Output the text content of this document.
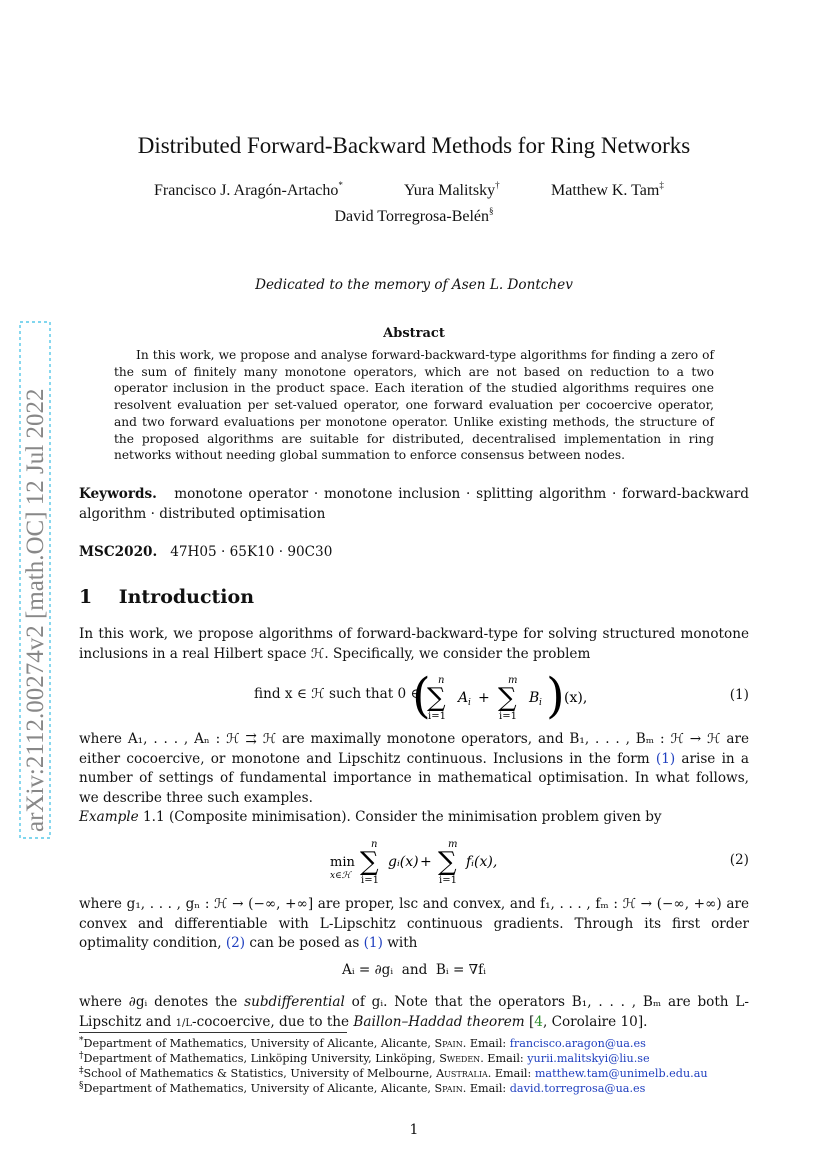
arXiv:2112.00274v2 [math.OC] 12 Jul 2022
Distributed Forward-Backward Methods for Ring Networks
Francisco J. Aragón-Artacho*	Yura Malitsky†	Matthew K. Tam‡
David Torregrosa-Belén§
Dedicated to the memory of Asen L. Dontchev
Abstract
In this work, we propose and analyse forward-backward-type algorithms for finding a zero of the sum of finitely many monotone operators, which are not based on reduction to a two operator inclusion in the product space. Each iteration of the studied algorithms requires one resolvent evaluation per set-valued operator, one forward evaluation per cocoercive operator, and two forward evaluations per monotone operator. Unlike existing methods, the structure of the proposed algorithms are suitable for distributed, decentralised implementation in ring networks without needing global summation to enforce consensus between nodes.
Keywords. monotone operator · monotone inclusion · splitting algorithm · forward-backward algorithm · distributed optimisation
MSC2020. 47H05 · 65K10 · 90C30
1 Introduction
In this work, we propose algorithms of forward-backward-type for solving structured monotone inclusions in a real Hilbert space ℋ. Specifically, we consider the problem
find x ∈ ℋ such that 0 ∈
( n
∑
i=1
A i +
m
∑
i=1
B i ) (x),	(1)
where A₁, . . . , Aₙ : ℋ ⇉ ℋ are maximally monotone operators, and B₁, . . . , Bₘ : ℋ → ℋ are either cocoercive, or monotone and Lipschitz continuous. Inclusions in the form (1) arise in a number of settings of fundamental importance in mathematical optimisation. In what follows, we describe three such examples.
Example 1.1 (Composite minimisation). Consider the minimisation problem given by
min
x∈ℋ
n
∑
i=1
gᵢ(x) +
m
∑
i=1
fᵢ(x),	(2)
where g₁, . . . , gₙ : ℋ → (−∞, +∞] are proper, lsc and convex, and f₁, . . . , fₘ : ℋ → (−∞, +∞) are convex and differentiable with L-Lipschitz continuous gradients. Through its first order optimality condition, (2) can be posed as (1) with
Aᵢ = ∂gᵢ  and  Bᵢ = ∇fᵢ
where ∂gᵢ denotes the subdifferential of gᵢ. Note that the operators B₁, . . . , Bₘ are both L-Lipschitz and 1/L-cocoercive, due to the Baillon–Haddad theorem [4, Corolaire 10].
*Department of Mathematics, University of Alicante, Alicante, Spain. Email: francisco.aragon@ua.es
†Department of Mathematics, Linköping University, Linköping, Sweden. Email: yurii.malitskyi@liu.se
‡School of Mathematics & Statistics, University of Melbourne, Australia. Email: matthew.tam@unimelb.edu.au
§Department of Mathematics, University of Alicante, Alicante, Spain. Email: david.torregrosa@ua.es
1
